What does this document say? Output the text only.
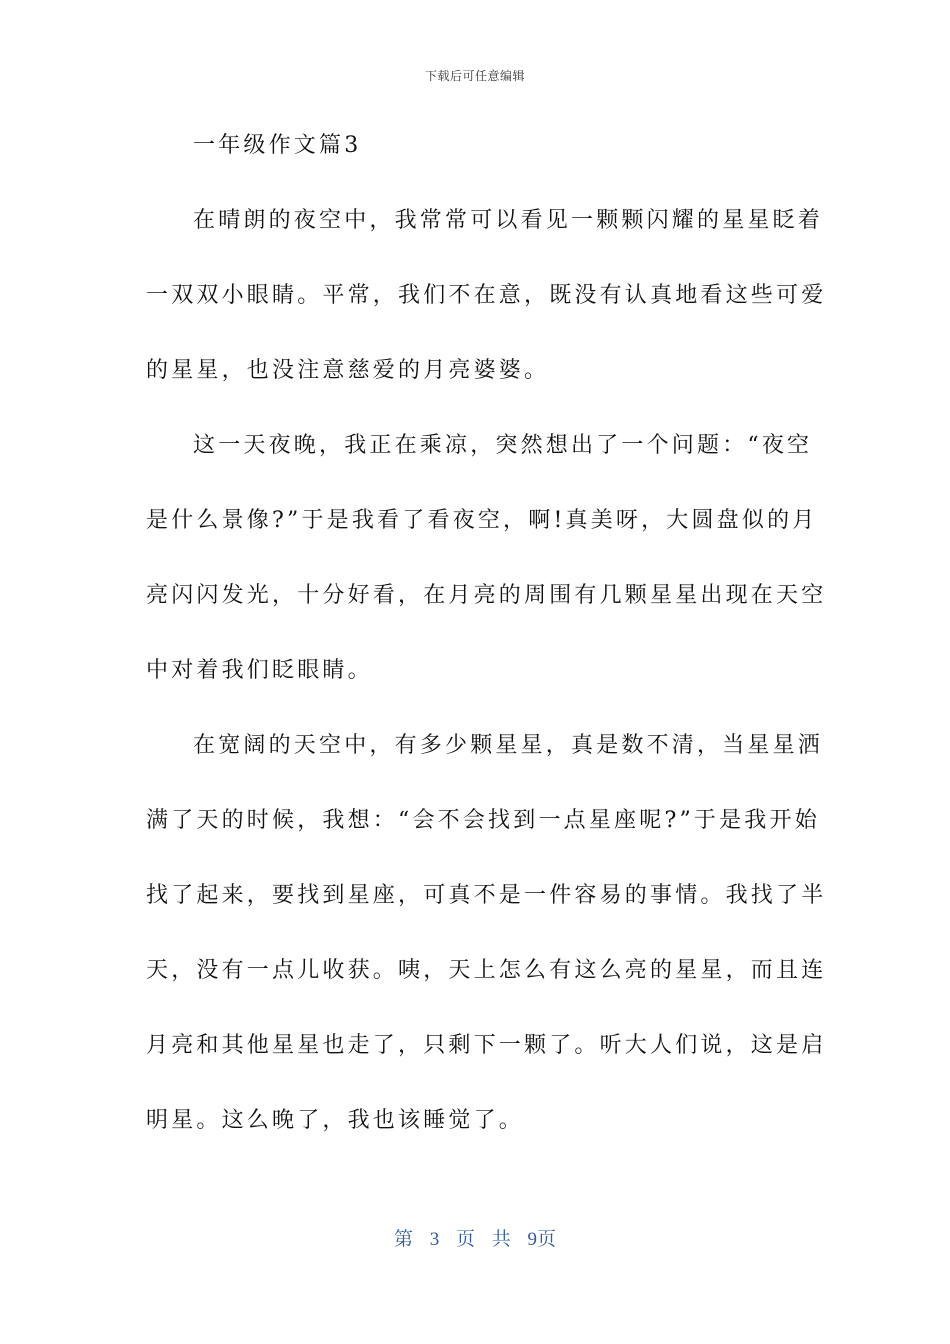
下载后可任意编辑
一年级作文篇3
在晴朗的夜空中，我常常可以看见一颗颗闪耀的星星眨着
一双双小眼睛。平常，我们不在意，既没有认真地看这些可爱
的星星，也没注意慈爱的月亮婆婆。
这一天夜晚，我正在乘凉，突然想出了一个问题：“夜空
是什么景像?”于是我看了看夜空，啊!真美呀，大圆盘似的月
亮闪闪发光，十分好看，在月亮的周围有几颗星星出现在天空
中对着我们眨眼睛。
在宽阔的天空中，有多少颗星星，真是数不清，当星星洒
满了天的时候，我想：“会不会找到一点星座呢?”于是我开始
找了起来，要找到星座，可真不是一件容易的事情。我找了半
天，没有一点儿收获。咦，天上怎么有这么亮的星星，而且连
月亮和其他星星也走了，只剩下一颗了。听大人们说，这是启
明星。这么晚了，我也该睡觉了。
第 3 页 共 9页
